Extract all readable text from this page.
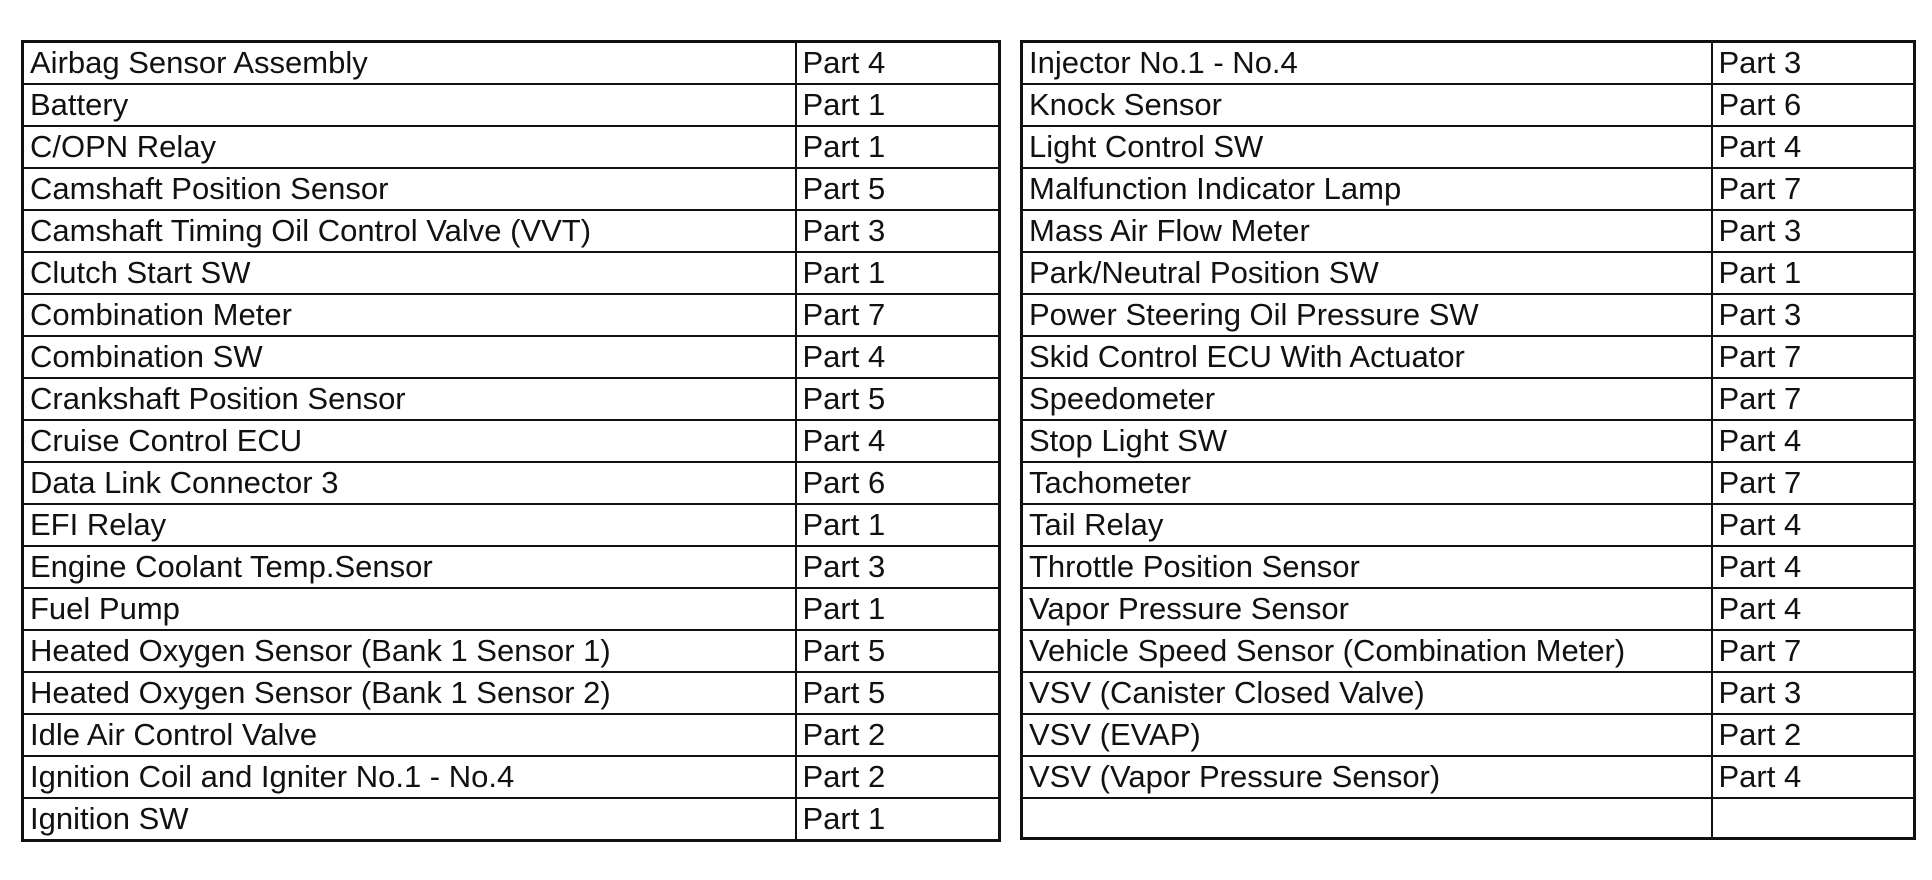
Airbag Sensor Assembly	Part 4
Battery	Part 1
C/OPN Relay	Part 1
Camshaft Position Sensor	Part 5
Camshaft Timing Oil Control Valve (VVT)	Part 3
Clutch Start SW	Part 1
Combination Meter	Part 7
Combination SW	Part 4
Crankshaft Position Sensor	Part 5
Cruise Control ECU	Part 4
Data Link Connector 3	Part 6
EFI Relay	Part 1
Engine Coolant Temp.Sensor	Part 3
Fuel Pump	Part 1
Heated Oxygen Sensor (Bank 1 Sensor 1)	Part 5
Heated Oxygen Sensor (Bank 1 Sensor 2)	Part 5
Idle Air Control Valve	Part 2
Ignition Coil and Igniter No.1 - No.4	Part 2
Ignition SW	Part 1
Injector No.1 - No.4	Part 3
Knock Sensor	Part 6
Light Control SW	Part 4
Malfunction Indicator Lamp	Part 7
Mass Air Flow Meter	Part 3
Park/Neutral Position SW	Part 1
Power Steering Oil Pressure SW	Part 3
Skid Control ECU With Actuator	Part 7
Speedometer	Part 7
Stop Light SW	Part 4
Tachometer	Part 7
Tail Relay	Part 4
Throttle Position Sensor	Part 4
Vapor Pressure Sensor	Part 4
Vehicle Speed Sensor (Combination Meter)	Part 7
VSV (Canister Closed Valve)	Part 3
VSV (EVAP)	Part 2
VSV (Vapor Pressure Sensor)	Part 4
